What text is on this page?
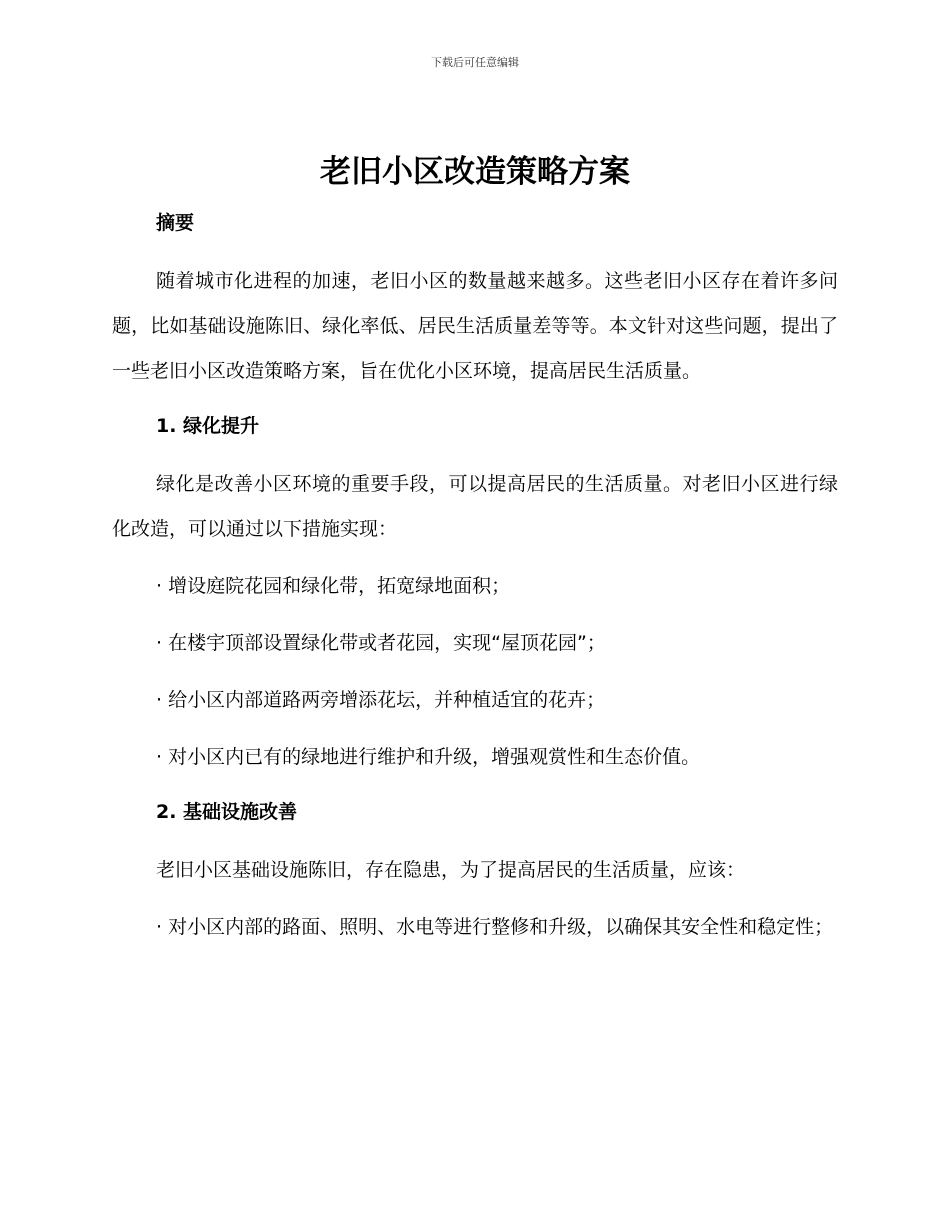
下载后可任意编辑
老旧小区改造策略方案
摘要

随着城市化进程的加速，老旧小区的数量越来越多。这些老旧小区存在着许多问题，比如基础设施陈旧、绿化率低、居民生活质量差等等。本文针对这些问题，提出了一些老旧小区改造策略方案，旨在优化小区环境，提高居民生活质量。

1. 绿化提升

绿化是改善小区环境的重要手段，可以提高居民的生活质量。对老旧小区进行绿化改造，可以通过以下措施实现：

· 增设庭院花园和绿化带，拓宽绿地面积；

· 在楼宇顶部设置绿化带或者花园，实现“屋顶花园”；

· 给小区内部道路两旁增添花坛，并种植适宜的花卉；

· 对小区内已有的绿地进行维护和升级，增强观赏性和生态价值。

2. 基础设施改善

老旧小区基础设施陈旧，存在隐患，为了提高居民的生活质量，应该：

· 对小区内部的路面、照明、水电等进行整修和升级，以确保其安全性和稳定性；
